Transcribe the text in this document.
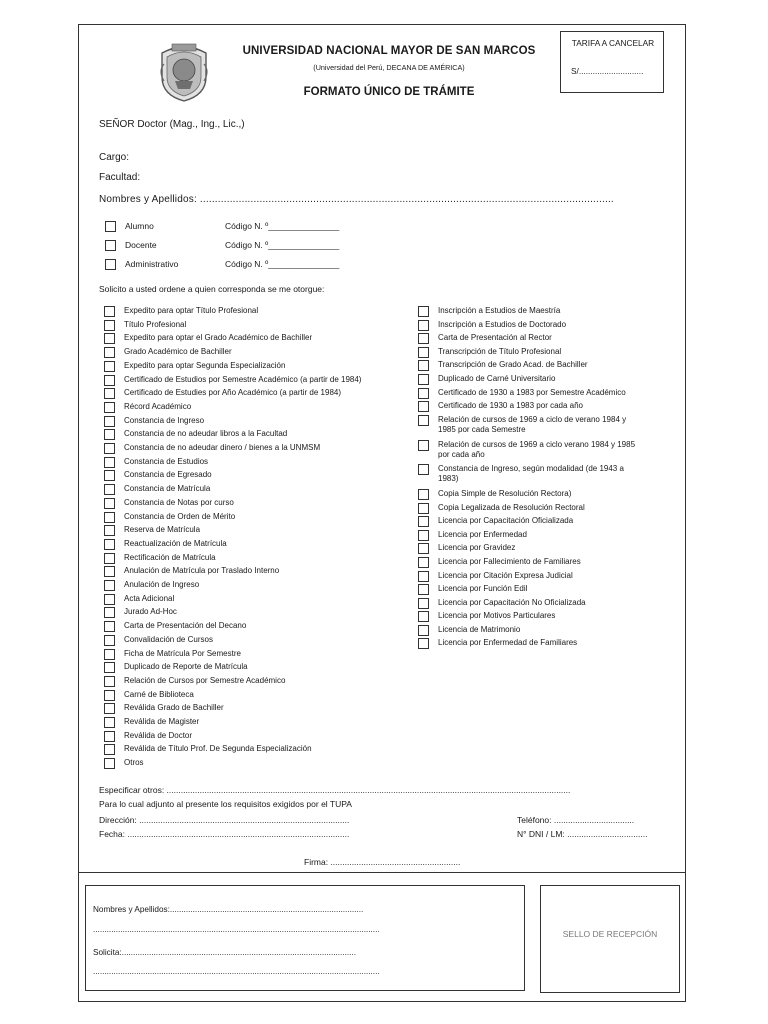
UNIVERSIDAD NACIONAL MAYOR DE SAN MARCOS
(Universidad del Perú, DECANA DE AMÉRICA)
FORMATO ÚNICO DE TRÁMITE
TARIFA A CANCELAR
S/............................
SEÑOR Doctor (Mag., Ing., Lic.,)
Cargo:
Facultad:
Nombres y Apellidos: ...........................................................................................................................................
Alumno	Código N. º_______________
Docente	Código N. º_______________
Administrativo	Código N. º_______________
Solicito a usted ordene a quien corresponda se me otorgue:
Expedito para optar Título Profesional
Título Profesional
Expedito para optar el Grado Académico de Bachiller
Grado Académico de Bachiller
Expedito para optar Segunda Especialización
Certificado de Estudios por Semestre Académico (a partir de 1984)
Certificado de Estudies por Año Académico (a partir de 1984)
Récord Académico
Constancia de Ingreso
Constancia de no adeudar libros a la Facultad
Constancia de no adeudar dinero / bienes a la UNMSM
Constancia de Estudios
Constancia de Egresado
Constancia de Matrícula
Constancia de Notas por curso
Constancia de Orden de Mérito
Reserva de Matrícula
Reactualización de Matrícula
Rectificación de Matrícula
Anulación de Matrícula por Traslado Interno
Anulación de Ingreso
Acta Adicional
Jurado Ad-Hoc
Carta de Presentación del Decano
Convalidación de Cursos
Ficha de Matrícula Por Semestre
Duplicado de Reporte de Matrícula
Relación de Cursos por Semestre Académico
Carné de Biblioteca
Reválida Grado de Bachiller
Reválida de Magister
Reválida de Doctor
Reválida de Título Prof. De Segunda Especialización
Otros
Inscripción a Estudios de Maestría
Inscripción a Estudios de Doctorado
Carta de Presentación al Rector
Transcripción de Título Profesional
Transcripción de Grado Acad. de Bachiller
Duplicado de Carné Universitario
Certificado de 1930 a 1983 por Semestre Académico
Certificado de 1930 a 1983 por cada año
Relación de cursos de 1969 a ciclo de verano 1984 y 1985 por cada Semestre
Relación de cursos de 1969 a ciclo verano 1984 y 1985 por cada año
Constancia de Ingreso, según modalidad (de 1943 a 1983)
Copia Simple de Resolución Rectora)
Copia Legalizada de Resolución Rectoral
Licencia por Capacitación Oficializada
Licencia por Enfermedad
Licencia por Gravidez
Licencia por Fallecimiento de Familiares
Licencia por Citación Expresa Judicial
Licencia por Función Edil
Licencia por Capacitación No Oficializada
Licencia por Motivos Particulares
Licencia de Matrimonio
Licencia por Enfermedad de Familiares
Especificar otros: ...........................................................................................................................................................................
Para lo cual adjunto al presente los requisitos exigidos por el TUPA
Dirección: .........................................................................................	Teléfono: ..................................
Fecha: ..............................................................................................	N° DNI / LM: ..................................
Firma: .......................................................
Nombres y Apellidos:.....................................................................................
..............................................................................................................................
Solicita:.......................................................................................................
..............................................................................................................................
SELLO DE RECEPCIÓN
